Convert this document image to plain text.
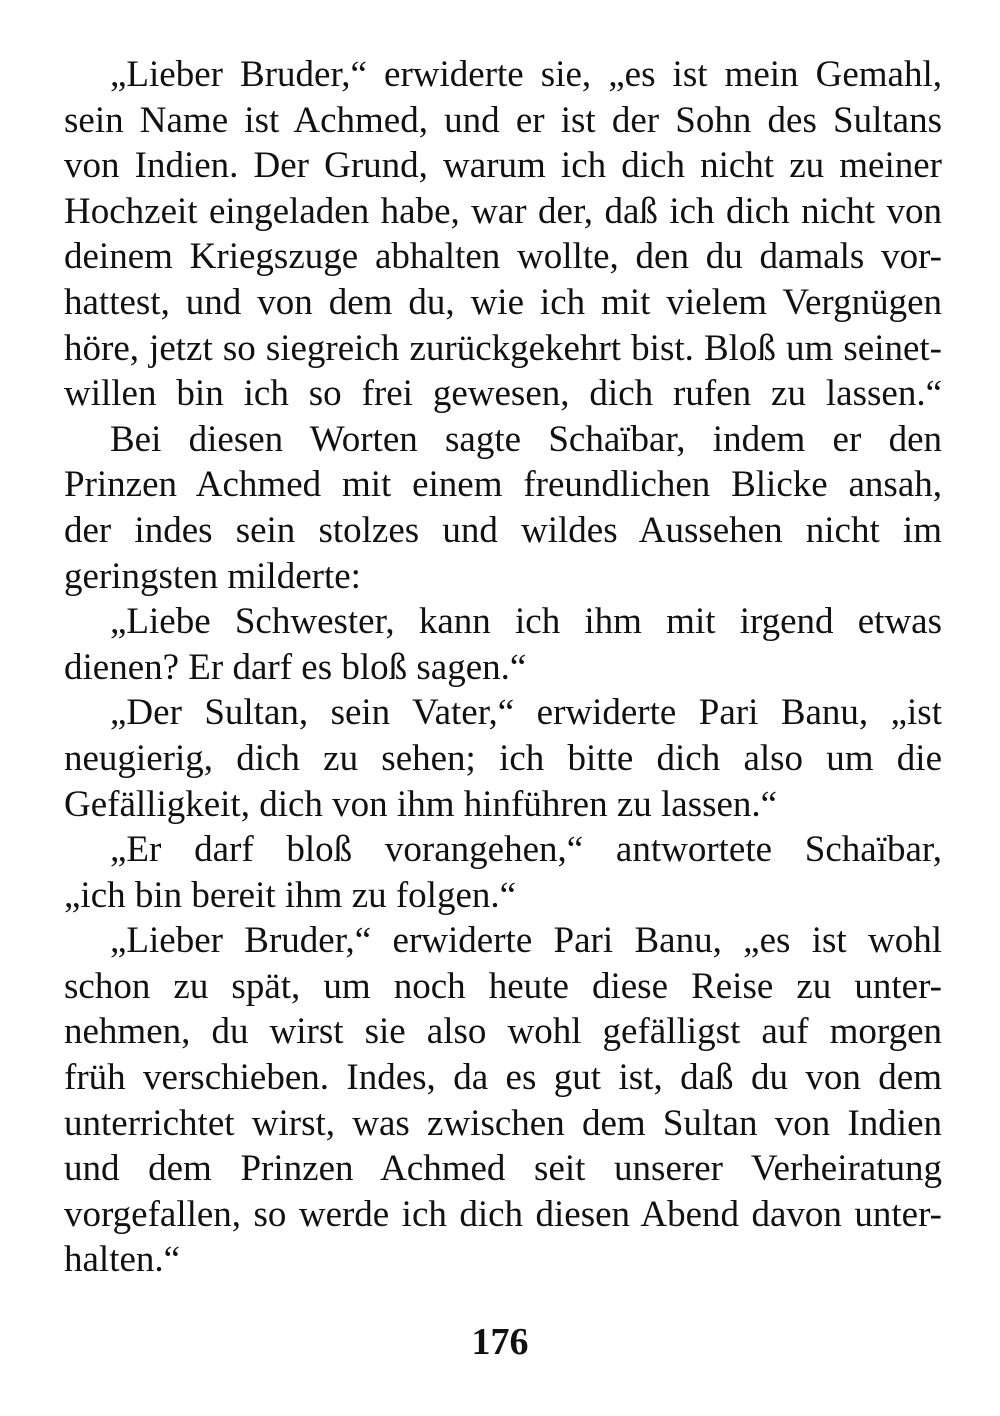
„Lieber Bruder,“ erwiderte sie, „es ist mein Gemahl,
sein Name ist Achmed, und er ist der Sohn des Sultans
von Indien. Der Grund, warum ich dich nicht zu meiner
Hochzeit eingeladen habe, war der, daß ich dich nicht von
deinem Kriegszuge abhalten wollte, den du damals vor-
hattest, und von dem du, wie ich mit vielem Vergnügen
höre, jetzt so siegreich zurückgekehrt bist. Bloß um seinet-
willen bin ich so frei gewesen, dich rufen zu lassen.“
Bei diesen Worten sagte Schaïbar, indem er den
Prinzen Achmed mit einem freundlichen Blicke ansah,
der indes sein stolzes und wildes Aussehen nicht im
geringsten milderte:
„Liebe Schwester, kann ich ihm mit irgend etwas
dienen? Er darf es bloß sagen.“
„Der Sultan, sein Vater,“ erwiderte Pari Banu, „ist
neugierig, dich zu sehen; ich bitte dich also um die
Gefälligkeit, dich von ihm hinführen zu lassen.“
„Er darf bloß vorangehen,“ antwortete Schaïbar,
„ich bin bereit ihm zu folgen.“
„Lieber Bruder,“ erwiderte Pari Banu, „es ist wohl
schon zu spät, um noch heute diese Reise zu unter-
nehmen, du wirst sie also wohl gefälligst auf morgen
früh verschieben. Indes, da es gut ist, daß du von dem
unterrichtet wirst, was zwischen dem Sultan von Indien
und dem Prinzen Achmed seit unserer Verheiratung
vorgefallen, so werde ich dich diesen Abend davon unter-
halten.“
176
